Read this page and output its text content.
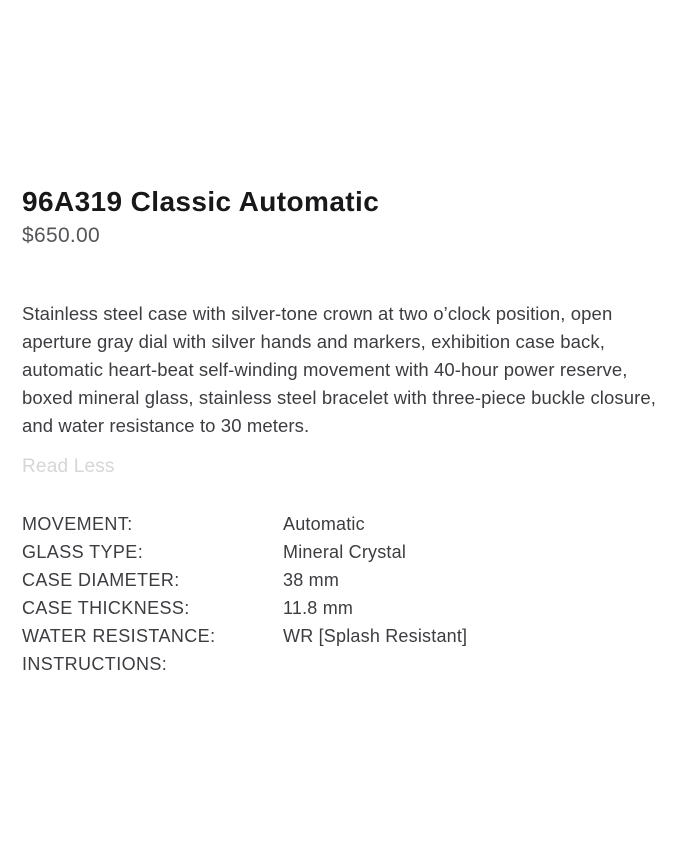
96A319 Classic Automatic
$650.00

Stainless steel case with silver-tone crown at two o’clock position, open aperture gray dial with silver hands and markers, exhibition case back, automatic heart-beat self-winding movement with 40-hour power reserve, boxed mineral glass, stainless steel bracelet with three-piece buckle closure, and water resistance to 30 meters.

Read Less
MOVEMENT:	Automatic
GLASS TYPE:	Mineral Crystal
CASE DIAMETER:	38 mm
CASE THICKNESS:	11.8 mm
WATER RESISTANCE:	WR [Splash Resistant]
INSTRUCTIONS:
